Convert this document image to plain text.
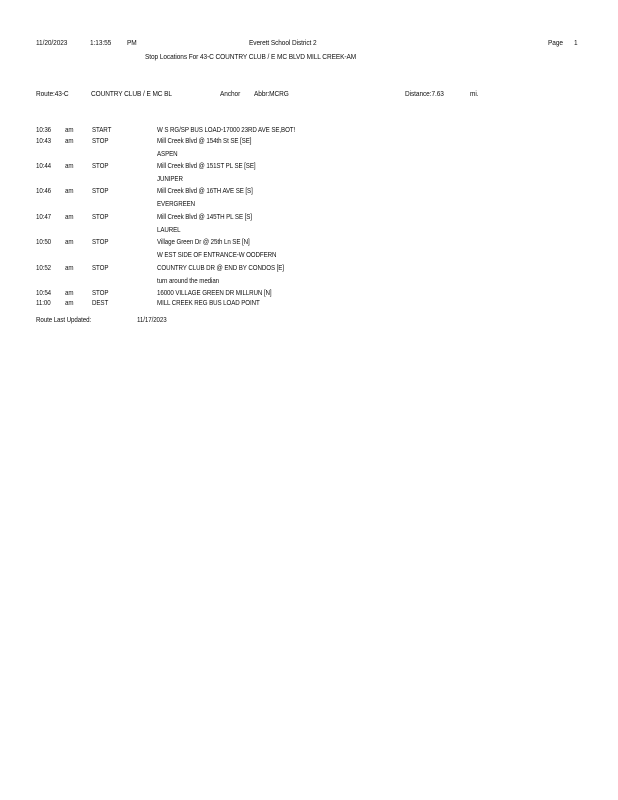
11/20/2023	1:13:55 PM	Everett School District 2	Page 1
Stop Locations For 43-C COUNTRY CLUB / E MC BLVD MILL CREEK-AM
Route:43-C	COUNTRY CLUB / E MC BL	Anchor Abbr:MCRG	Distance:7.63	mi.
10:36 am	START	W S RG/SP BUS LOAD-17000 23RD AVE SE,BOT!
10:43 am	STOP	Mill Creek Blvd @ 154th St SE [SE]
ASPEN
10:44 am	STOP	Mill Creek Blvd @ 151ST PL SE [SE]
JUNIPER
10:46 am	STOP	Mill Creek Blvd @ 16TH AVE SE [S]
EVERGREEN
10:47 am	STOP	Mill Creek Blvd @ 145TH PL SE [S]
LAUREL
10:50 am	STOP	Village Green Dr @ 25th Ln SE [N]
W EST SIDE OF ENTRANCE-W OODFERN
10:52 am	STOP	COUNTRY CLUB DR @ END BY CONDOS [E]
turn around the median
10:54 am	STOP	16000 VILLAGE GREEN DR MILLRUN [N]
11:00 am	DEST	MILL CREEK REG BUS LOAD POINT
Route Last Updated:	11/17/2023
